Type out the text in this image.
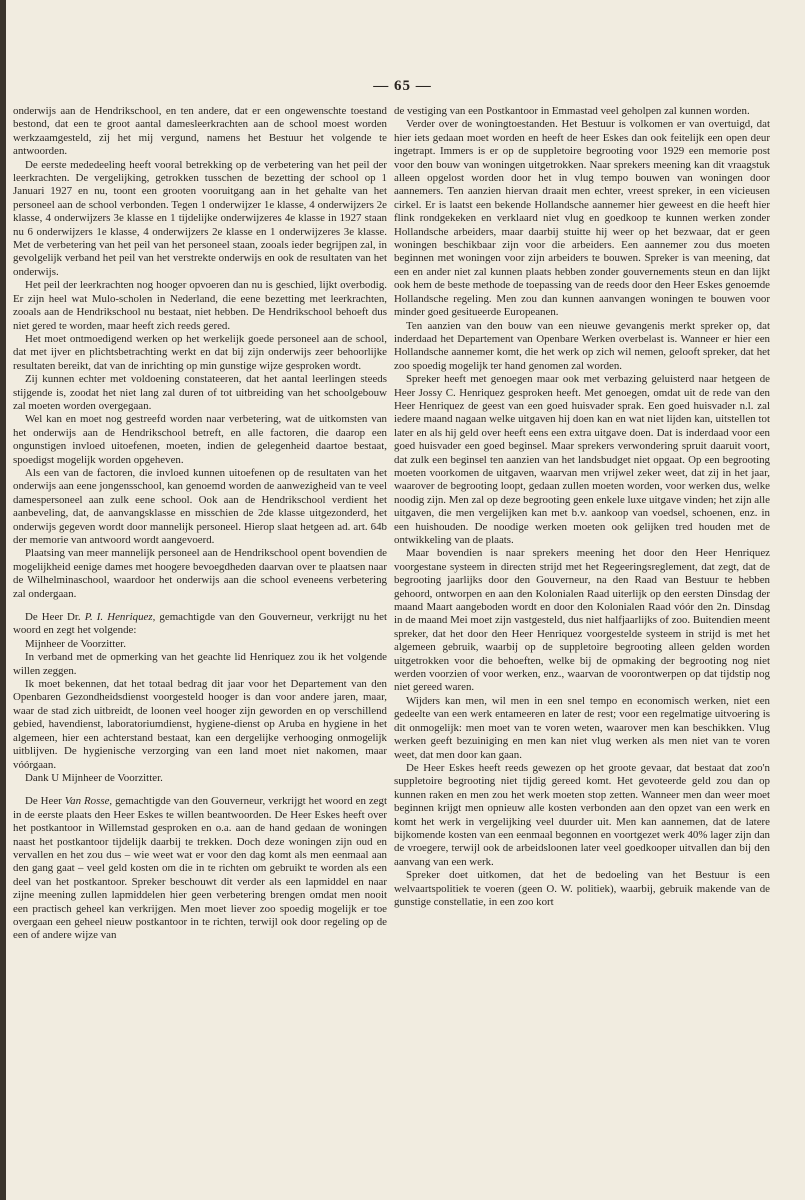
— 65 —

onderwijs aan de Hendrikschool, en ten andere, dat er een ongewenschte toestand bestond, dat een te groot aantal damesleerkrachten aan de school moest worden werkzaamgesteld, zij het mij vergund, namens het Bestuur het volgende te antwoorden.

De eerste mededeeling heeft vooral betrekking op de verbetering van het peil der leerkrachten. De vergelijking, getrokken tusschen de bezetting der school op 1 Januari 1927 en nu, toont een grooten vooruitgang aan in het gehalte van het personeel aan de school verbonden. Tegen 1 onderwijzer 1e klasse, 4 onderwijzers 2e klasse, 4 onderwijzers 3e klasse en 1 tijdelijke onderwijzeres 4e klasse in 1927 staan nu 6 onderwijzers 1e klasse, 4 onderwijzers 2e klasse en 1 onderwijzeres 3e klasse. Met de verbetering van het peil van het personeel staan, zooals ieder begrijpen zal, in gevolgelijk verband het peil van het verstrekte onderwijs en ook de resultaten van het onderwijs.

Het peil der leerkrachten nog hooger opvoeren dan nu is geschied, lijkt overbodig. Er zijn heel wat Mulo-scholen in Nederland, die eene bezetting met leerkrachten, zooals aan de Hendrikschool nu bestaat, niet hebben. De Hendrikschool behoeft dus niet gered te worden, maar heeft zich reeds gered.

Het moet ontmoedigend werken op het werkelijk goede personeel aan de school, dat met ijver en plichtsbetrachting werkt en dat bij zijn onderwijs zeer behoorlijke resultaten bereikt, dat van de inrichting op min gunstige wijze gesproken wordt.

Zij kunnen echter met voldoening constateeren, dat het aantal leerlingen steeds stijgende is, zoodat het niet lang zal duren of tot uitbreiding van het schoolgebouw zal moeten worden overgegaan.

Wel kan en moet nog gestreefd worden naar verbetering, wat de uitkomsten van het onderwijs aan de Hendrikschool betreft, en alle factoren, die daarop een ongunstigen invloed uitoefenen, moeten, indien de gelegenheid daartoe bestaat, spoedigst mogelijk worden opgeheven.

Als een van de factoren, die invloed kunnen uitoefenen op de resultaten van het onderwijs aan eene jongensschool, kan genoemd worden de aanwezigheid van te veel damespersoneel aan zulk eene school. Ook aan de Hendrikschool verdient het aanbeveling, dat, de aanvangsklasse en misschien de 2de klasse uitgezonderd, het onderwijs gegeven wordt door mannelijk personeel. Hierop slaat hetgeen ad. art. 64b der memorie van antwoord wordt aangevoerd.

Plaatsing van meer mannelijk personeel aan de Hendrikschool opent bovendien de mogelijkheid eenige dames met hoogere bevoegdheden daarvan over te plaatsen naar de Wilhelminaschool, waardoor het onderwijs aan die school eveneens verbetering zal ondergaan.

De Heer Dr. P. I. Henriquez, gemachtigde van den Gouverneur, verkrijgt nu het woord en zegt het volgende:

Mijnheer de Voorzitter.

In verband met de opmerking van het geachte lid Henriquez zou ik het volgende willen zeggen.

Ik moet bekennen, dat het totaal bedrag dit jaar voor het Departement van den Openbaren Gezondheidsdienst voorgesteld hooger is dan voor andere jaren, maar, waar de stad zich uitbreidt, de loonen veel hooger zijn geworden en op verschillend gebied, havendienst, laboratoriumdienst, hygiene-dienst op Aruba en hygiene in het algemeen, hier een achterstand bestaat, kan een dergelijke verhooging onmogelijk uitblijven. De hygienische verzorging van een land moet niet nakomen, maar vóórgaan.

Dank U Mijnheer de Voorzitter.

De Heer Van Rosse, gemachtigde van den Gouverneur, verkrijgt het woord en zegt in de eerste plaats den Heer Eskes te willen beantwoorden. De Heer Eskes heeft over het postkantoor in Willemstad gesproken en o.a. aan de hand gedaan de woningen naast het postkantoor tijdelijk daarbij te trekken. Doch deze woningen zijn oud en vervallen en het zou dus – wie weet wat er voor den dag komt als men eenmaal aan den gang gaat – veel geld kosten om die in te richten om gebruikt te worden als een deel van het postkantoor. Spreker beschouwt dit verder als een lapmiddel en naar zijne meening zullen lapmiddelen hier geen verbetering brengen omdat men nooit een practisch geheel kan verkrijgen. Men moet liever zoo spoedig mogelijk er toe overgaan een geheel nieuw postkantoor in te richten, terwijl ook door regeling op de een of andere wijze van

de vestiging van een Postkantoor in Emmastad veel geholpen zal kunnen worden.

Verder over de woningtoestanden. Het Bestuur is volkomen er van overtuigd, dat hier iets gedaan moet worden en heeft de heer Eskes dan ook feitelijk een open deur ingetrapt. Immers is er op de suppletoire begrooting voor 1929 een memorie post voor den bouw van woningen uitgetrokken. Naar sprekers meening kan dit vraagstuk alleen opgelost worden door het in vlug tempo bouwen van woningen door aannemers. Ten aanzien hiervan draait men echter, vreest spreker, in een vicieusen cirkel. Er is laatst een bekende Hollandsche aannemer hier geweest en die heeft hier flink rondgekeken en verklaard niet vlug en goedkoop te kunnen werken zonder Hollandsche arbeiders, maar daarbij stuitte hij weer op het bezwaar, dat er geen woningen beschikbaar zijn voor die arbeiders. Een aannemer zou dus moeten beginnen met woningen voor zijn arbeiders te bouwen. Spreker is van meening, dat een en ander niet zal kunnen plaats hebben zonder gouvernements steun en dan lijkt ook hem de beste methode de toepassing van de reeds door den Heer Eskes genoemde Hollandsche regeling. Men zou dan kunnen aanvangen woningen te bouwen voor minder goed gesitueerde Europeanen.

Ten aanzien van den bouw van een nieuwe gevangenis merkt spreker op, dat inderdaad het Departement van Openbare Werken overbelast is. Wanneer er hier een Hollandsche aannemer komt, die het werk op zich wil nemen, gelooft spreker, dat het zoo spoedig mogelijk ter hand genomen zal worden.

Spreker heeft met genoegen maar ook met verbazing geluisterd naar hetgeen de Heer Jossy C. Henriquez gesproken heeft. Met genoegen, omdat uit de rede van den Heer Henriquez de geest van een goed huisvader sprak. Een goed huisvader n.l. zal iedere maand nagaan welke uitgaven hij doen kan en wat niet lijden kan, uitstellen tot later en als hij geld over heeft eens een extra uitgave doen. Dat is inderdaad voor een goed huisvader een goed beginsel. Maar sprekers verwondering spruit daaruit voort, dat zulk een beginsel ten aanzien van het landsbudget niet opgaat. Op een begrooting moeten voorkomen de uitgaven, waarvan men vrijwel zeker weet, dat zij in het jaar, waarover de begrooting loopt, gedaan zullen moeten worden, voor werken dus, welke noodig zijn. Men zal op deze begrooting geen enkele luxe uitgave vinden; het zijn alle uitgaven, die men vergelijken kan met b.v. aankoop van voedsel, schoenen, enz. in een huishouden. De noodige werken moeten ook gelijken tred houden met de ontwikkeling van de plaats.

Maar bovendien is naar sprekers meening het door den Heer Henriquez voorgestane systeem in directen strijd met het Regeeringsreglement, dat zegt, dat de begrooting jaarlijks door den Gouverneur, na den Raad van Bestuur te hebben gehoord, ontworpen en aan den Kolonialen Raad uiterlijk op den eersten Dinsdag der maand Maart aangeboden wordt en door den Kolonialen Raad vóór den 2n. Dinsdag in de maand Mei moet zijn vastgesteld, dus niet halfjaarlijks of zoo. Buitendien meent spreker, dat het door den Heer Henriquez voorgestelde systeem in strijd is met het algemeen gebruik, waarbij op de suppletoire begrooting alleen gelden worden uitgetrokken voor die behoeften, welke bij de opmaking der begrooting nog niet werden voorzien of voor werken, enz., waarvan de voorontwerpen op dat tijdstip nog niet gereed waren.

Wijders kan men, wil men in een snel tempo en economisch werken, niet een gedeelte van een werk entameeren en later de rest; voor een regelmatige uitvoering is dit onmogelijk: men moet van te voren weten, waarover men kan beschikken. Vlug werken geeft bezuiniging en men kan niet vlug werken als men niet van te voren weet, dat men door kan gaan.

De Heer Eskes heeft reeds gewezen op het groote gevaar, dat bestaat dat zoo'n suppletoire begrooting niet tijdig gereed komt. Het gevoteerde geld zou dan op kunnen raken en men zou het werk moeten stop zetten. Wanneer men dan weer moet beginnen krijgt men opnieuw alle kosten verbonden aan den opzet van een werk en komt het werk in vergelijking veel duurder uit. Men kan aannemen, dat de latere bijkomende kosten van een eenmaal begonnen en voortgezet werk 40% lager zijn dan de vroegere, terwijl ook de arbeidsloonen later veel goedkooper uitvallen dan bij den aanvang van een werk.

Spreker doet uitkomen, dat het de bedoeling van het Bestuur is een welvaartspolitiek te voeren (geen O. W. politiek), waarbij, gebruik makende van de gunstige constellatie, in een zoo kort
